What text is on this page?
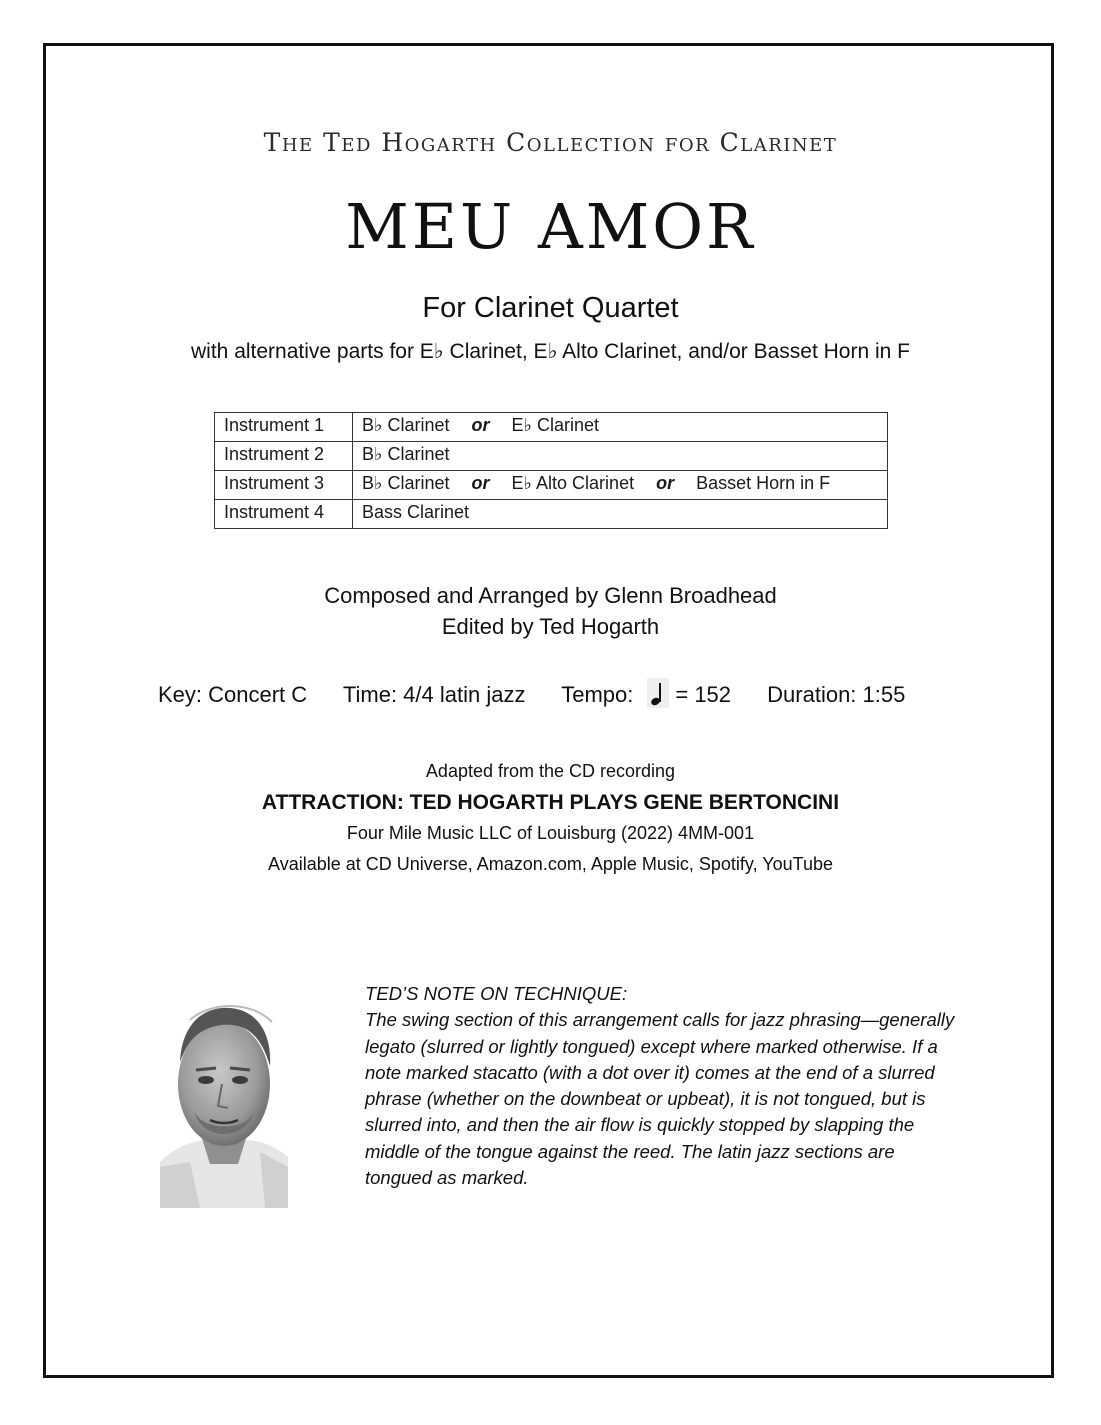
The Ted Hogarth Collection for Clarinet
MEU AMOR
For Clarinet Quartet
with alternative parts for E♭ Clarinet, E♭ Alto Clarinet, and/or Basset Horn in F
Instrument 1	B♭ Clarinet or E♭ Clarinet
Instrument 2	B♭ Clarinet
Instrument 3	B♭ Clarinet or E♭ Alto Clarinet or Basset Horn in F
Instrument 4	Bass Clarinet
Composed and Arranged by Glenn Broadhead
Edited by Ted Hogarth
Key: Concert C Time: 4/4 latin jazz Tempo: = 152 Duration: 1:55
Adapted from the CD recording
ATTRACTION: TED HOGARTH PLAYS GENE BERTONCINI
Four Mile Music LLC of Louisburg (2022) 4MM-001
Available at CD Universe, Amazon.com, Apple Music, Spotify, YouTube
TED’S NOTE ON TECHNIQUE:
The swing section of this arrangement calls for jazz phrasing—generally legato (slurred or lightly tongued) except where marked otherwise. If a note marked stacatto (with a dot over it) comes at the end of a slurred phrase (whether on the downbeat or upbeat), it is not tongued, but is slurred into, and then the air flow is quickly stopped by slapping the middle of the tongue against the reed. The latin jazz sections are tongued as marked.
